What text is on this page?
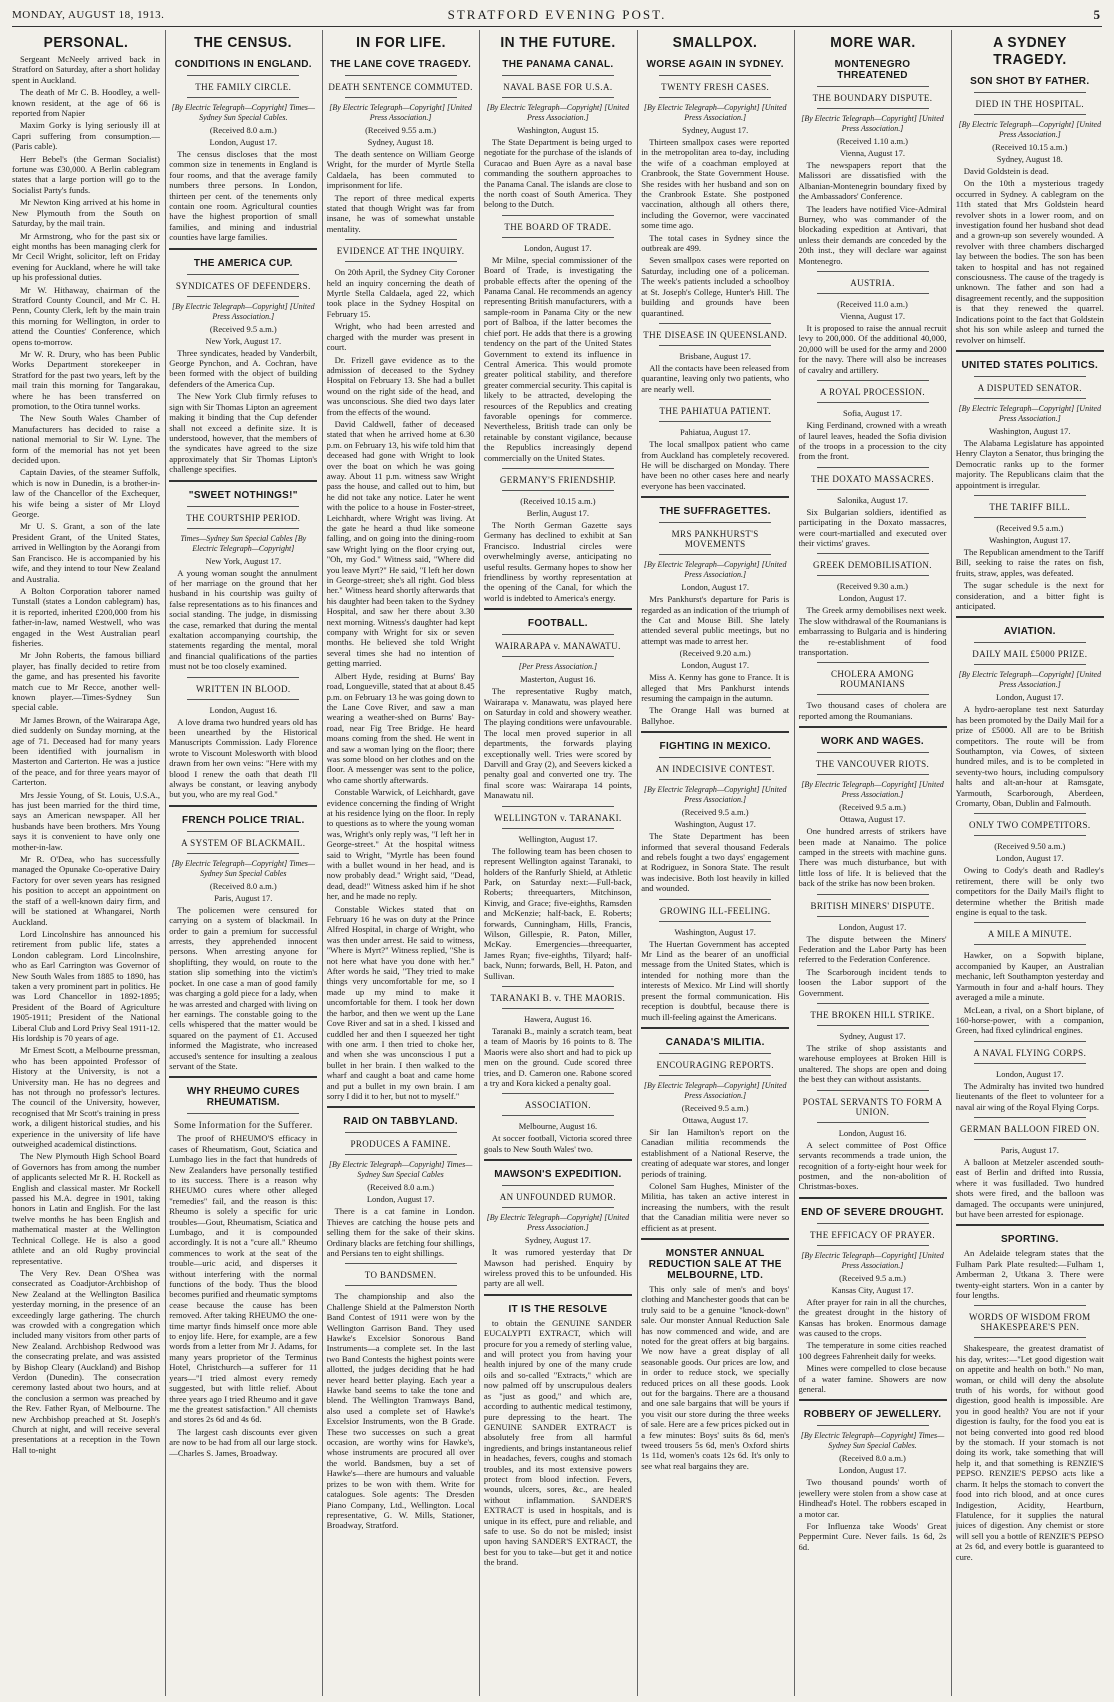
MONDAY, AUGUST 18, 1913.	STRATFORD EVENING POST.	5
PERSONAL.

Sergeant McNeely arrived back in Stratford on Saturday, after a short holiday spent in Auckland.

The death of Mr C. B. Hoodley, a well-known resident, at the age of 66 is reported from Napier

Maxim Gorky is lying seriously ill at Capri suffering from consumption.—(Paris cable).

Herr Bebel's (the German Socialist) fortune was £30,000. A Berlin cablegram states that a large portion will go to the Socialist Party's funds.

Mr Newton King arrived at his home in New Plymouth from the South on Saturday, by the mail train.

Mr Armstrong, who for the past six or eight months has been managing clerk for Mr Cecil Wright, solicitor, left on Friday evening for Auckland, where he will take up his professional duties.

Mr W. Hithaway, chairman of the Stratford County Council, and Mr C. H. Penn, County Clerk, left by the main train this morning for Wellington, in order to attend the Counties' Conference, which opens to-morrow.

Mr W. R. Drury, who has been Public Works Department storekeeper in Stratford for the past two years, left by the mail train this morning for Tangarakau, where he has been transferred on promotion, to the Otira tunnel works.

The New South Wales Chamber of Manufacturers has decided to raise a national memorial to Sir W. Lyne. The form of the memorial has not yet been decided upon.

Captain Davies, of the steamer Suffolk, which is now in Dunedin, is a brother-in-law of the Chancellor of the Exchequer, his wife being a sister of Mr Lloyd George.

Mr U. S. Grant, a son of the late President Grant, of the United States, arrived in Wellington by the Aorangi from San Francisco. He is accompanied by his wife, and they intend to tour New Zealand and Australia.

A Bolton Corporation taborer named Tunstall (states a London cablegram) has, it is reported, inherited £200,000 from his father-in-law, named Westwell, who was engaged in the West Australian pearl fisheries.

Mr John Roberts, the famous billiard player, has finally decided to retire from the game, and has presented his favorite match cue to Mr Recce, another well-known player.—Times-Sydney Sun special cable.

Mr James Brown, of the Wairarapa Age, died suddenly on Sunday morning, at the age of 71. Deceased had for many years been identified with journalism in Masterton and Carterton. He was a justice of the peace, and for three years mayor of Carterton.

Mrs Jessie Young, of St. Louis, U.S.A., has just been married for the third time, says an American newspaper. All her husbands have been brothers. Mrs Young says it is convenient to have only one mother-in-law.

Mr R. O'Dea, who has successfully managed the Opunake Co-operative Dairy Factory for over seven years has resigned his position to accept an appointment on the staff of a well-known dairy firm, and will be stationed at Whangarei, North Auckland.

Lord Lincolnshire has announced his retirement from public life, states a London cablegram. Lord Lincolnshire, who as Earl Carrington was Governor of New South Wales from 1885 to 1890, has taken a very prominent part in politics. He was Lord Chancellor in 1892-1895; President of the Board of Agriculture 1905-1911; President of the National Liberal Club and Lord Privy Seal 1911-12. His lordship is 70 years of age.

Mr Ernest Scott, a Melbourne pressman, who has been appointed Professor of History at the University, is not a University man. He has no degrees and has not through no professor's lectures. The council of the University, however, recognised that Mr Scott's training in press work, a diligent historical studies, and his experience in the university of life have outweighed academical distinctions.

The New Plymouth High School Board of Governors has from among the number of applicants selected Mr R. H. Rockell as English and classical master. Mr Rockell passed his M.A. degree in 1901, taking honors in Latin and English. For the last twelve months he has been English and mathematical master at the Wellington Technical College. He is also a good athlete and an old Rugby provincial representative.

The Very Rev. Dean O'Shea was consecrated as Coadjutor-Archbishop of New Zealand at the Wellington Basilica yesterday morning, in the presence of an exceedingly large gathering. The church was crowded with a congregation which included many visitors from other parts of New Zealand. Archbishop Redwood was the consecrating prelate, and was assisted by Bishop Cleary (Auckland) and Bishop Verdon (Dunedin). The consecration ceremony lasted about two hours, and at the conclusion a sermon was preached by the Rev. Father Ryan, of Melbourne. The new Archbishop preached at St. Joseph's Church at night, and will receive several presentations at a reception in the Town Hall to-night

THE CENSUS.
CONDITIONS IN ENGLAND.
THE FAMILY CIRCLE.
[By Electric Telegraph—Copyright] Times—Sydney Sun Special Cables.
(Received 8.0 a.m.)
London, August 17.

The census discloses that the most common size in tenements in England is four rooms, and that the average family numbers three persons. In London, thirteen per cent. of the tenements only contain one room. Agricultural counties have the highest proportion of small families, and mining and industrial counties have large families.

THE AMERICA CUP.
SYNDICATES OF DEFENDERS.
[By Electric Telegraph—Copyright] [United Press Association.]
(Received 9.5 a.m.)
New York, August 17.

Three syndicates, headed by Vanderbilt, George Pynchon, and A. Cochran, have been formed with the object of building defenders of the America Cup.

The New York Club firmly refuses to sign with Sir Thomas Lipton an agreement making it binding that the Cup defender shall not exceed a definite size. It is understood, however, that the members of the syndicates have agreed to the size approximately that Sir Thomas Lipton's challenge specifies.

"SWEET NOTHINGS!"
THE COURTSHIP PERIOD.
Times—Sydney Sun Special Cables [By Electric Telegraph—Copyright]
New York, August 17.

A young woman sought the annulment of her marriage on the ground that her husband in his courtship was guilty of false representations as to his finances and social standing. The judge, in dismissing the case, remarked that during the mental exaltation accompanying courtship, the statements regarding the mental, moral and financial qualifications of the parties must not be too closely examined.

WRITTEN IN BLOOD.
London, August 16.

A love drama two hundred years old has been unearthed by the Historical Manuscripts Commission. Lady Florence wrote to Viscount Molesworth with blood drawn from her own veins: "Here with my blood I renew the oath that death I'll always be constant, or leaving anybody but you, who are my real God."

FRENCH POLICE TRIAL.
A SYSTEM OF BLACKMAIL.
[By Electric Telegraph—Copyright] Times—Sydney Sun Special Cables
(Received 8.0 a.m.)
Paris, August 17.

The policemen were censured for carrying on a system of blackmail. In order to gain a premium for successful arrests, they apprehended innocent persons. When arresting anyone for shoplifting, they would, on route to the station slip something into the victim's pocket. In one case a man of good family was charging a gold piece for a lady, when he was arrested and charged with living on her earnings. The constable going to the cells whispered that the matter would be squared on the payment of £1. Accused informed the Magistrate, who increased accused's sentence for insulting a zealous servant of the State.

WHY RHEUMO CURES RHEUMATISM.
Some Information for the Sufferer.

The proof of RHEUMO'S efficacy in cases of Rheumatism, Gout, Sciatica and Lumbago lies in the fact that hundreds of New Zealanders have personally testified to its success. There is a reason why RHEUMO cures where other alleged "remedies" fail, and the reason is this: Rheumo is solely a specific for uric troubles—Gout, Rheumatism, Sciatica and Lumbago, and it is compounded accordingly. It is not a "cure all." Rheumo commences to work at the seat of the trouble—uric acid, and disperses it without interfering with the normal functions of the body. Thus the blood becomes purified and rheumatic symptoms cease because the cause has been removed. After taking RHEUMO the one-time martyr finds himself once more able to enjoy life. Here, for example, are a few words from a letter from Mr J. Adams, for many years proprietor of the Terminus Hotel, Christchurch—a sufferer for 11 years—"I tried almost every remedy suggested, but with little relief. About three years ago I tried Rheumo and it gave me the greatest satisfaction." All chemists and stores 2s 6d and 4s 6d.

The largest cash discounts ever given are now to be had from all our large stock.—Charles S. James, Broadway.

IN FOR LIFE.
THE LANE COVE TRAGEDY.
DEATH SENTENCE COMMUTED.
[By Electric Telegraph—Copyright] [United Press Association.]
(Received 9.55 a.m.)
Sydney, August 18.

The death sentence on William George Wright, for the murder of Myrtle Stella Caldaela, has been commuted to imprisonment for life.

The report of three medical experts stated that though Wright was far from insane, he was of somewhat unstable mentality.

EVIDENCE AT THE INQUIRY.

On 20th April, the Sydney City Coroner held an inquiry concerning the death of Myrtle Stella Caldaela, aged 22, which took place in the Sydney Hospital on February 15.

Wright, who had been arrested and charged with the murder was present in court.

Dr. Frizell gave evidence as to the admission of deceased to the Sydney Hospital on February 13. She had a bullet wound on the right side of the head, and was unconscious. She died two days later from the effects of the wound.

David Caldwell, father of deceased stated that when he arrived home at 6.30 p.m. on February 13, his wife told him that deceased had gone with Wright to look over the boat on which he was going away. About 11 p.m. witness saw Wright pass the house, and called out to him, but he did not take any notice. Later he went with the police to a house in Foster-street, Leichhardt, where Wright was living. At the gate he heard a thud like someone falling, and on going into the dining-room saw Wright lying on the floor crying out, "Oh, my God." Witness said, "Where did you leave Myrt?" He said, "I left her down in George-street; she's all right. God bless her." Witness heard shortly afterwards that his daughter had been taken to the Sydney Hospital, and saw her there about 3.30 next morning. Witness's daughter had kept company with Wright for six or seven months. He believed she told Wright several times she had no intention of getting married.

Albert Hyde, residing at Burns' Bay road, Longueville, stated that at about 8.45 p.m. on February 13 he was going down to the Lane Cove River, and saw a man wearing a weather-shed on Burns' Bay-road, near Fig Tree Bridge. He heard moans coming from the shed. He went in and saw a woman lying on the floor; there was some blood on her clothes and on the floor. A messenger was sent to the police, who came shortly afterwards.

Constable Warwick, of Leichhardt, gave evidence concerning the finding of Wright at his residence lying on the floor. In reply to questions as to where the young woman was, Wright's only reply was, "I left her in George-street." At the hospital witness said to Wright, "Myrtle has been found with a bullet wound in her head, and is now probably dead." Wright said, "Dead, dead, dead!" Witness asked him if he shot her, and he made no reply.

Constable Wickes stated that on February 16 he was on duty at the Prince Alfred Hospital, in charge of Wright, who was then under arrest. He said to witness, "Where is Myrt?" Witness replied, "She is not here what have you done with her." After words he said, "They tried to make things very uncomfortable for me, so I made up my mind to make it uncomfortable for them. I took her down the harbor, and then we went up the Lane Cove River and sat in a shed. I kissed and cuddled her and then I squeezed her tight with one arm. I then tried to choke her, and when she was unconscious I put a bullet in her brain. I then walked to the wharf and caught a boat and came home and put a bullet in my own brain. I am sorry I did it to her, but not to myself."

RAID ON TABBYLAND.
PRODUCES A FAMINE.
[By Electric Telegraph—Copyright] Times—Sydney Sun Special Cables
(Received 8.0 a.m.)
London, August 17.

There is a cat famine in London. Thieves are catching the house pets and selling them for the sake of their skins. Ordinary blacks are fetching four shillings, and Persians ten to eight shillings.

TO BANDSMEN.

The championship and also the Challenge Shield at the Palmerston North Band Contest of 1911 were won by the Wellington Garrison Band. They used Hawke's Excelsior Sonorous Band Instruments—a complete set. In the last two Band Contests the highest points were allotted, the judges deciding that he had never heard better playing. Each year a Hawke band seems to take the tone and blend. The Wellington Tramways Band, also used a complete set of Hawke's Excelsior Instruments, won the B Grade. These two successes on such a great occasion, are worthy wins for Hawke's, whose instruments are procured all over the world. Bandsmen, buy a set of Hawke's—there are humours and valuable prizes to be won with them. Write for catalogues. Sole agents: The Dresden Piano Company, Ltd., Wellington. Local representative, G. W. Mills, Stationer, Broadway, Stratford.

IN THE FUTURE.
THE PANAMA CANAL.
NAVAL BASE FOR U.S.A.
[By Electric Telegraph—Copyright] [United Press Association.]
Washington, August 15.

The State Department is being urged to negotiate for the purchase of the islands of Curacao and Buen Ayre as a naval base commanding the southern approaches to the Panama Canal. The islands are close to the north coast of South America. They belong to the Dutch.

THE BOARD OF TRADE.
London, August 17.

Mr Milne, special commissioner of the Board of Trade, is investigating the probable effects after the opening of the Panama Canal. He recommends an agency representing British manufacturers, with a sample-room in Panama City or the new port of Balboa, if the latter becomes the chief port. He adds that there is a growing tendency on the part of the United States Government to extend its influence in Central America. This would promote greater political stability, and therefore greater commercial security. This capital is likely to be attracted, developing the resources of the Republics and creating favorable openings for commerce. Nevertheless, British trade can only be retainable by constant vigilance, because the Republics increasingly depend commercially on the United States.

GERMANY'S FRIENDSHIP.
(Received 10.15 a.m.)
Berlin, August 17.

The North German Gazette says Germany has declined to exhibit at San Francisco. Industrial circles were overwhelmingly averse, anticipating no useful results. Germany hopes to show her friendliness by worthy representation at the opening of the Canal, for which the world is indebted to America's energy.

FOOTBALL.
WAIRARAPA v. MANAWATU.
[Per Press Association.]
Masterton, August 16.

The representative Rugby match, Wairarapa v. Manawatu, was played here on Saturday in cold and showery weather. The playing conditions were unfavourable. The local men proved superior in all departments, the forwards playing exceptionally well. Tries were scored by Darvill and Gray (2), and Seevers kicked a penalty goal and converted one try. The final score was: Wairarapa 14 points, Manawatu nil.

WELLINGTON v. TARANAKI.
Wellington, August 17.

The following team has been chosen to represent Wellington against Taranaki, to holders of the Ranfurly Shield, at Athletic Park, on Saturday next:—Full-back, Roberts; threequarters, Mitchinson, Kinvig, and Grace; five-eighths, Ramsden and McKenzie; half-back, E. Roberts; forwards, Cunningham, Hills, Francis, Wilson, Gillespie, R. Paton, Miller, McKay. Emergencies—threequarter, James Ryan; five-eighths, Tilyard; half-back, Nunn; forwards, Bell, H. Paton, and Sullivan.

TARANAKI B. v. THE MAORIS.
Hawera, August 16.

Taranaki B., mainly a scratch team, beat a team of Maoris by 16 points to 8. The Maoris were also short and had to pick up men on the ground. Cude scored three tries, and D. Cameron one. Rabone scored a try and Kora kicked a penalty goal.

ASSOCIATION.
Melbourne, August 16.

At soccer football, Victoria scored three goals to New South Wales' two.

MAWSON'S EXPEDITION.
AN UNFOUNDED RUMOR.
[By Electric Telegraph—Copyright] [United Press Association.]
Sydney, August 17.

It was rumored yesterday that Dr Mawson had perished. Enquiry by wireless proved this to be unfounded. His party are all well.

IT IS THE RESOLVE

to obtain the GENUINE SANDER EUCALYPTI EXTRACT, which will procure for you a remedy of sterling value, and will protect you from having your health injured by one of the many crude oils and so-called "Extracts," which are now palmed off by unscrupulous dealers as "just as good," and which are, according to authentic medical testimony, pure depressing to the heart. The GENUINE SANDER EXTRACT is absolutely free from all harmful ingredients, and brings instantaneous relief in headaches, fevers, coughs and stomach troubles, and its most extensive powers protect from blood infection. Fevers, wounds, ulcers, sores, &c., are healed without inflammation. SANDER'S EXTRACT is used in hospitals, and is unique in its effect, pure and reliable, and safe to use. So do not be misled; insist upon having SANDER'S EXTRACT, the best for you to take—but get it and notice the brand.

SMALLPOX.
WORSE AGAIN IN SYDNEY.
TWENTY FRESH CASES.
[By Electric Telegraph—Copyright] [United Press Association.]
Sydney, August 17.

Thirteen smallpox cases were reported in the metropolitan area to-day, including the wife of a coachman employed at Cranbrook, the State Government House. She resides with her husband and son on the Cranbrook Estate. She postponed vaccination, although all others there, including the Governor, were vaccinated some time ago.

The total cases in Sydney since the outbreak are 499.

Seven smallpox cases were reported on Saturday, including one of a policeman. The week's patients included a schoolboy at St. Joseph's College, Hunter's Hill. The building and grounds have been quarantined.

THE DISEASE IN QUEENSLAND.
Brisbane, August 17.

All the contacts have been released from quarantine, leaving only two patients, who are nearly well.

THE PAHIATUA PATIENT.
Pahiatua, August 17.

The local smallpox patient who came from Auckland has completely recovered. He will be discharged on Monday. There have been no other cases here and nearly everyone has been vaccinated.

THE SUFFRAGETTES.
MRS PANKHURST'S MOVEMENTS
[By Electric Telegraph—Copyright] [United Press Association.]
London, August 17.

Mrs Pankhurst's departure for Paris is regarded as an indication of the triumph of the Cat and Mouse Bill. She lately attended several public meetings, but no attempt was made to arrest her.

(Received 9.20 a.m.)
London, August 17.

Miss A. Kenny has gone to France. It is alleged that Mrs Pankhurst intends resuming the campaign in the autumn.

The Orange Hall was burned at Ballyhoe.

FIGHTING IN MEXICO.
AN INDECISIVE CONTEST.
[By Electric Telegraph—Copyright] [United Press Association.]
(Received 9.5 a.m.)
Washington, August 17.

The State Department has been informed that several thousand Federals and rebels fought a two days' engagement at Rodriguez, in Sonora State. The result was indecisive. Both lost heavily in killed and wounded.

GROWING ILL-FEELING.
Washington, August 17.

The Huertan Government has accepted Mr Lind as the bearer of an unofficial message from the United States, which is intended for nothing more than the interests of Mexico. Mr Lind will shortly present the formal communication. His reception is doubtful, because there is much ill-feeling against the Americans.

CANADA'S MILITIA.
ENCOURAGING REPORTS.
[By Electric Telegraph—Copyright] [United Press Association.]
(Received 9.5 a.m.)
Ottawa, August 17.

Sir Ian Hamilton's report on the Canadian militia recommends the establishment of a National Reserve, the creating of adequate war stores, and longer periods of training.

Colonel Sam Hughes, Minister of the Militia, has taken an active interest in increasing the numbers, with the result that the Canadian militia were never so efficient as at present.

MONSTER ANNUAL REDUCTION SALE AT THE MELBOURNE, LTD.

This only sale of men's and boys' clothing and Manchester goods that can be truly said to be a genuine "knock-down" sale. Our monster Annual Reduction Sale has now commenced and wide, and are noted for the great offers at big bargains. We now have a great display of all seasonable goods. Our prices are low, and in order to reduce stock, we specially reduced prices on all these goods. Look out for the bargains. There are a thousand and one sale bargains that will be yours if you visit our store during the three weeks of sale. Here are a few prices picked out in a few minutes: Boys' suits 8s 6d, men's tweed trousers 5s 6d, men's Oxford shirts 1s 11d, women's coats 12s 6d. It's only to see what real bargains they are.

MORE WAR.
MONTENEGRO THREATENED
THE BOUNDARY DISPUTE.
[By Electric Telegraph—Copyright] [United Press Association.]
(Received 1.10 a.m.)
Vienna, August 17.

The newspapers report that the Malissori are dissatisfied with the Albanian-Montenegrin boundary fixed by the Ambassadors' Conference.

The leaders have notified Vice-Admiral Burney, who was commander of the blockading expedition at Antivari, that unless their demands are conceded by the 20th inst., they will declare war against Montenegro.

AUSTRIA.
(Received 11.0 a.m.)
Vienna, August 17.

It is proposed to raise the annual recruit levy to 200,000. Of the additional 40,000, 20,000 will be used for the army and 2000 for the navy. There will also be increases of cavalry and artillery.

A ROYAL PROCESSION.
Sofia, August 17.

King Ferdinand, crowned with a wreath of laurel leaves, headed the Sofia division of the troops in a procession to the city from the front.

THE DOXATO MASSACRES.
Salonika, August 17.

Six Bulgarian soldiers, identified as participating in the Doxato massacres, were court-martialled and executed over their victims' graves.

GREEK DEMOBILISATION.
(Received 9.30 a.m.)
London, August 17.

The Greek army demobilises next week. The slow withdrawal of the Roumanians is embarrassing to Bulgaria and is hindering the re-establishment of food transportation.

CHOLERA AMONG ROUMANIANS

Two thousand cases of cholera are reported among the Roumanians.

WORK AND WAGES.
THE VANCOUVER RIOTS.
[By Electric Telegraph—Copyright] [United Press Association.]
(Received 9.5 a.m.)
Ottawa, August 17.

One hundred arrests of strikers have been made at Nanaimo. The police camped in the streets with machine guns. There was much disturbance, but with little loss of life. It is believed that the back of the strike has now been broken.

BRITISH MINERS' DISPUTE.
London, August 17.

The dispute between the Miners' Federation and the Labor Party has been referred to the Federation Conference.

The Scarborough incident tends to loosen the Labor support of the Government.

THE BROKEN HILL STRIKE.
Sydney, August 17.

The strike of shop assistants and warehouse employees at Broken Hill is unaltered. The shops are open and doing the best they can without assistants.

POSTAL SERVANTS TO FORM A UNION.
London, August 16.

A select committee of Post Office servants recommends a trade union, the recognition of a forty-eight hour week for postmen, and the non-abolition of Christmas-boxes.

END OF SEVERE DROUGHT.
THE EFFICACY OF PRAYER.
[By Electric Telegraph—Copyright] [United Press Association.]
(Received 9.5 a.m.)
Kansas City, August 17.

After prayer for rain in all the churches, the greatest drought in the history of Kansas has broken. Enormous damage was caused to the crops.

The temperature in some cities reached 100 degrees Fahrenheit daily for weeks.

Mines were compelled to close because of a water famine. Showers are now general.

ROBBERY OF JEWELLERY.
[By Electric Telegraph—Copyright] Times—Sydney Sun Special Cables.
(Received 8.0 a.m.)
London, August 17.

Two thousand pounds' worth of jewellery were stolen from a show case at Hindhead's Hotel. The robbers escaped in a motor car.

For Influenza take Woods' Great Peppermint Cure. Never fails. 1s 6d, 2s 6d.

A SYDNEY TRAGEDY.
SON SHOT BY FATHER.
DIED IN THE HOSPITAL.
[By Electric Telegraph—Copyright] [United Press Association.]
(Received 10.15 a.m.)
Sydney, August 18.

David Goldstein is dead.

On the 10th a mysterious tragedy occurred in Sydney. A cablegram on the 11th stated that Mrs Goldstein heard revolver shots in a lower room, and on investigation found her husband shot dead and a grown-up son severely wounded. A revolver with three chambers discharged lay between the bodies. The son has been taken to hospital and has not regained consciousness. The cause of the tragedy is unknown. The father and son had a disagreement recently, and the supposition is that they renewed the quarrel. Indications point to the fact that Goldstein shot his son while asleep and turned the revolver on himself.

UNITED STATES POLITICS.
A DISPUTED SENATOR.
[By Electric Telegraph—Copyright] [United Press Association.]
Washington, August 17.

The Alabama Legislature has appointed Henry Clayton a Senator, thus bringing the Democratic ranks up to the former majority. The Republicans claim that the appointment is irregular.

THE TARIFF BILL.
(Received 9.5 a.m.)
Washington, August 17.

The Republican amendment to the Tariff Bill, seeking to raise the rates on fish, fruits, straw, apples, was defeated.

The sugar schedule is the next for consideration, and a bitter fight is anticipated.

AVIATION.
DAILY MAIL £5000 PRIZE.
[By Electric Telegraph—Copyright] [United Press Association.]
London, August 17.

A hydro-aeroplane test next Saturday has been promoted by the Daily Mail for a prize of £5000. All are to be British competitors. The route will be from Southampton, via Cowes, of sixteen hundred miles, and is to be completed in seventy-two hours, including compulsory halts and alt-an-hour at Ramsgate, Yarmouth, Scarborough, Aberdeen, Cromarty, Oban, Dublin and Falmouth.

ONLY TWO COMPETITORS.
(Received 9.50 a.m.)
London, August 17.

Owing to Cody's death and Radley's retirement, there will be only two competitors for the Daily Mail's flight to determine whether the British made engine is equal to the task.

A MILE A MINUTE.

Hawker, on a Sopwith biplane, accompanied by Kauper, an Australian mechanic, left Southampton yesterday and Yarmouth in four and a-half hours. They averaged a mile a minute.

McLean, a rival, on a Short biplane, of 160-horse-power, with a companion, Green, had fixed cylindrical engines.

A NAVAL FLYING CORPS.
London, August 17.

The Admiralty has invited two hundred lieutenants of the fleet to volunteer for a naval air wing of the Royal Flying Corps.

GERMAN BALLOON FIRED ON.
Paris, August 17.

A balloon at Metzeler ascended south-east of Berlin and drifted into Russia, where it was fusilladed. Two hundred shots were fired, and the balloon was damaged. The occupants were uninjured, but have been arrested for espionage.

SPORTING.

An Adelaide telegram states that the Fulham Park Plate resulted:—Fulham 1, Amberman 2, Utkana 3. There were twenty-eight starters. Won in a canter by four lengths.

WORDS OF WISDOM FROM SHAKESPEARE'S PEN.

Shakespeare, the greatest dramatist of his day, writes:—"Let good digestion wait on appetite and health on both." No man, woman, or child will deny the absolute truth of his words, for without good digestion, good health is impossible. Are you in good health? You are not if your digestion is faulty, for the food you eat is not being converted into good red blood by the stomach. If your stomach is not doing its work, take something that will help it, and that something is RENZIE'S PEPSO. RENZIE'S PEPSO acts like a charm. It helps the stomach to convert the food into rich blood, and at once cures Indigestion, Acidity, Heartburn, Flatulence, for it supplies the natural juices of digestion. Any chemist or store will sell you a bottle of RENZIE'S PEPSO at 2s 6d, and every bottle is guaranteed to cure.
